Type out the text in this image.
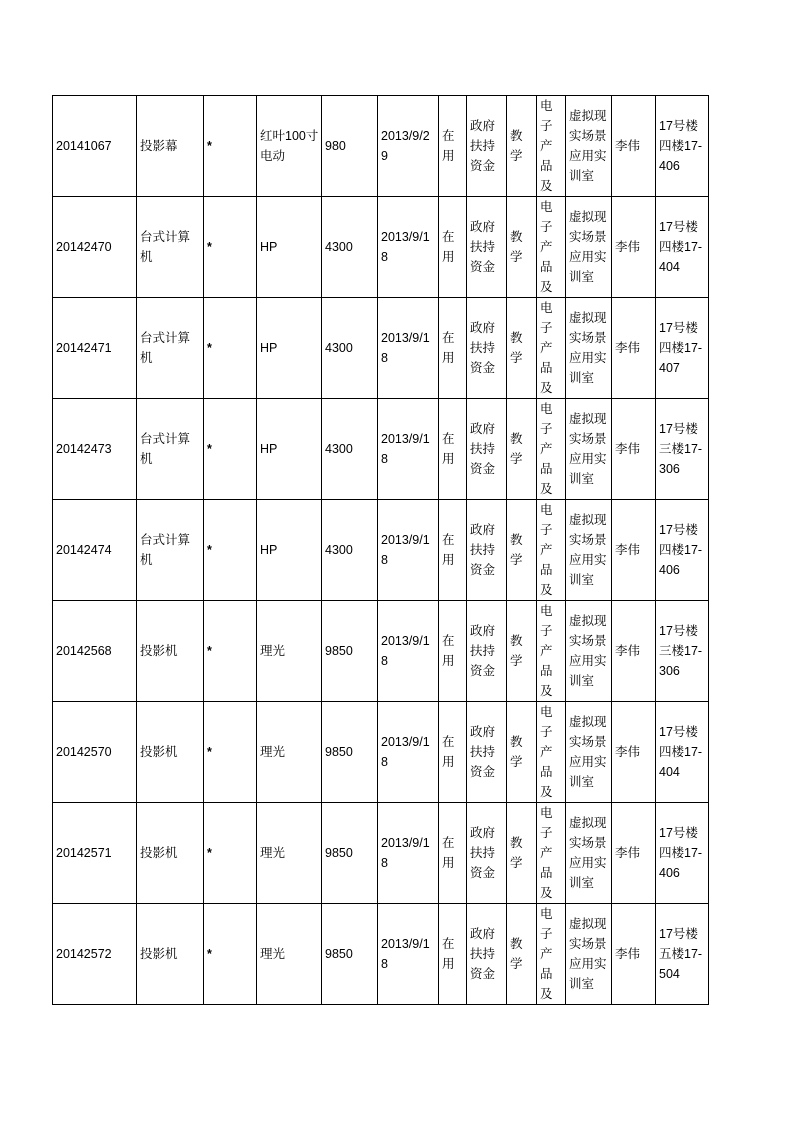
20141067	投影幕	*	红叶100寸电动	980	2013/9/29	在用	政府扶持资金	教学	电子产品及	虚拟现实场景应用实训室	李伟	17号楼四楼17-406
20142470	台式计算机	*	HP	4300	2013/9/18	在用	政府扶持资金	教学	电子产品及	虚拟现实场景应用实训室	李伟	17号楼四楼17-404
20142471	台式计算机	*	HP	4300	2013/9/18	在用	政府扶持资金	教学	电子产品及	虚拟现实场景应用实训室	李伟	17号楼四楼17-407
20142473	台式计算机	*	HP	4300	2013/9/18	在用	政府扶持资金	教学	电子产品及	虚拟现实场景应用实训室	李伟	17号楼三楼17-306
20142474	台式计算机	*	HP	4300	2013/9/18	在用	政府扶持资金	教学	电子产品及	虚拟现实场景应用实训室	李伟	17号楼四楼17-406
20142568	投影机	*	理光	9850	2013/9/18	在用	政府扶持资金	教学	电子产品及	虚拟现实场景应用实训室	李伟	17号楼三楼17-306
20142570	投影机	*	理光	9850	2013/9/18	在用	政府扶持资金	教学	电子产品及	虚拟现实场景应用实训室	李伟	17号楼四楼17-404
20142571	投影机	*	理光	9850	2013/9/18	在用	政府扶持资金	教学	电子产品及	虚拟现实场景应用实训室	李伟	17号楼四楼17-406
20142572	投影机	*	理光	9850	2013/9/18	在用	政府扶持资金	教学	电子产品及	虚拟现实场景应用实训室	李伟	17号楼五楼17-504
